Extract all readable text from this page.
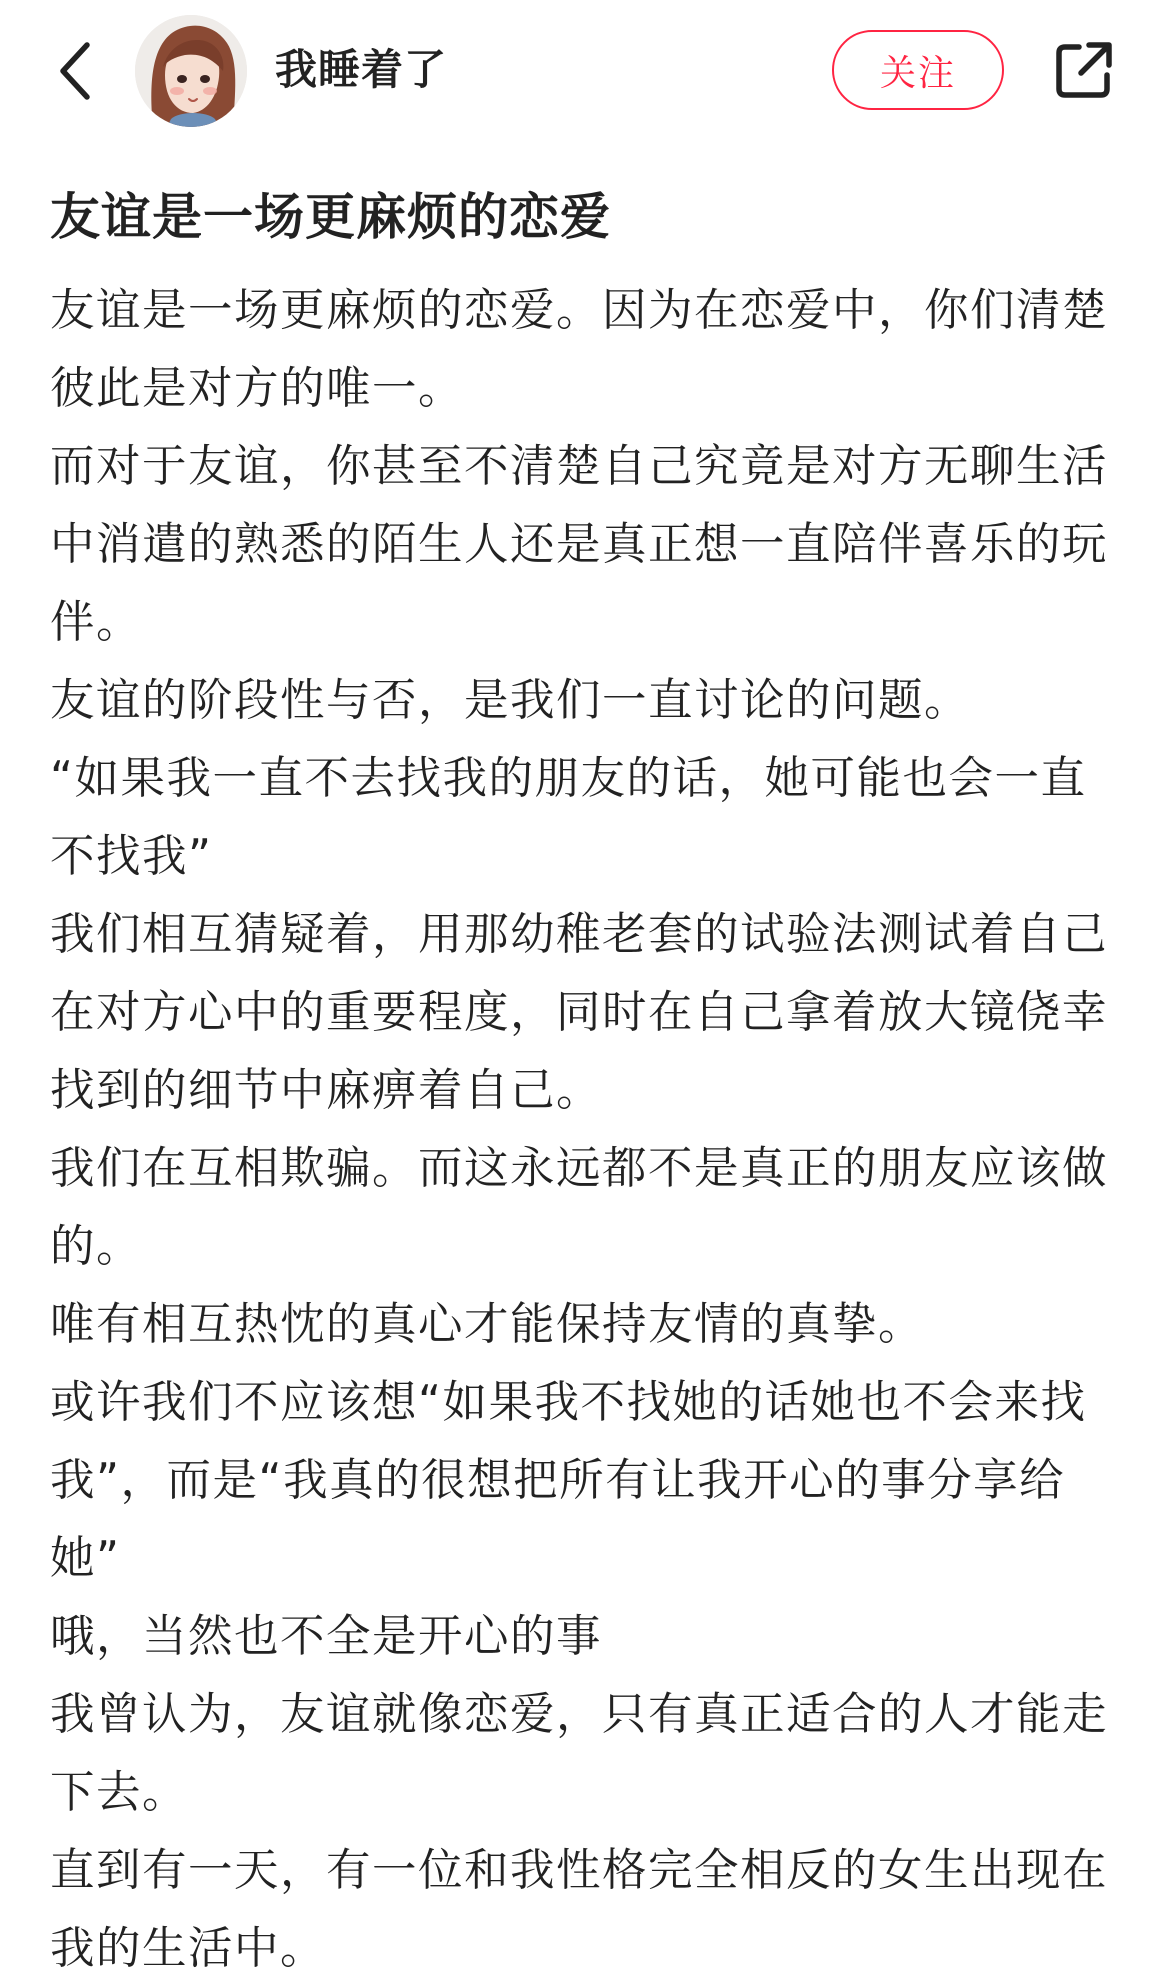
我睡着了	关注
友谊是一场更麻烦的恋爱

友谊是一场更麻烦的恋爱。因为在恋爱中，你们清楚彼此是对方的唯一。

而对于友谊，你甚至不清楚自己究竟是对方无聊生活中消遣的熟悉的陌生人还是真正想一直陪伴喜乐的玩伴。

友谊的阶段性与否，是我们一直讨论的问题。

“如果我一直不去找我的朋友的话，她可能也会一直不找我”

我们相互猜疑着，用那幼稚老套的试验法测试着自己在对方心中的重要程度，同时在自己拿着放大镜侥幸找到的细节中麻痹着自己。

我们在互相欺骗。而这永远都不是真正的朋友应该做的。

唯有相互热忱的真心才能保持友情的真挚。

或许我们不应该想“如果我不找她的话她也不会来找我”，而是“我真的很想把所有让我开心的事分享给她”

哦，当然也不全是开心的事

我曾认为，友谊就像恋爱，只有真正适合的人才能走下去。

直到有一天，有一位和我性格完全相反的女生出现在我的生活中。
